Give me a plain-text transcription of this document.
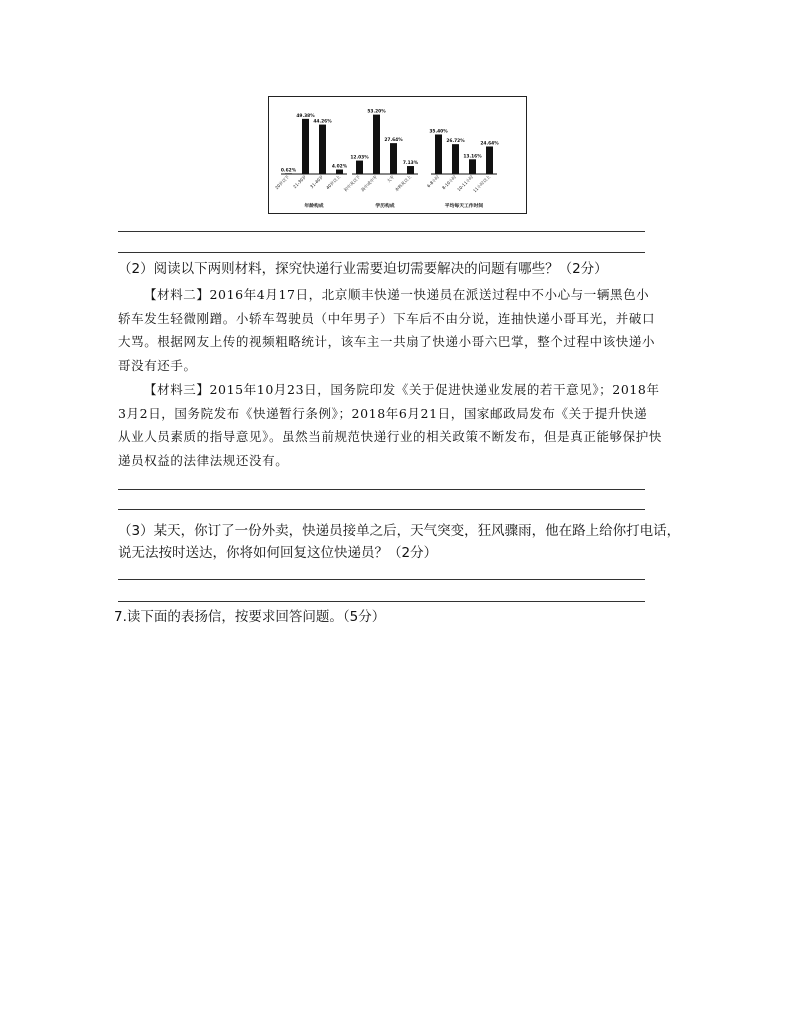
0.62%
20岁以下
49.38%
21-30岁
44.26%
31-40岁
4.02%
40岁以上
年龄构成
12.03%
初中及以下
53.20%
高中或中专
27.64%
大专
7.13%
本科及以上
学历构成
35.40%
6-8小时
26.72%
8-10小时
13.16%
10-11小时
24.64%
11小时以上
平均每天工作时间
（2）阅读以下两则材料，探究快递行业需要迫切需要解决的问题有哪些？（2分）
【材料二】2016年4月17日，北京顺丰快递一快递员在派送过程中不小心与一辆黑色小
轿车发生轻微刚蹭。小轿车驾驶员（中年男子）下车后不由分说，连抽快递小哥耳光，并破口
大骂。根据网友上传的视频粗略统计，该车主一共扇了快递小哥六巴掌，整个过程中该快递小
哥没有还手。
【材料三】2015年10月23日，国务院印发《关于促进快递业发展的若干意见》；2018年
3月2日，国务院发布《快递暂行条例》；2018年6月21日，国家邮政局发布《关于提升快递
从业人员素质的指导意见》。虽然当前规范快递行业的相关政策不断发布，但是真正能够保护快
递员权益的法律法规还没有。
（3）某天，你订了一份外卖，快递员接单之后，天气突变，狂风骤雨，他在路上给你打电话，
说无法按时送达，你将如何回复这位快递员？（2分）
7.读下面的表扬信，按要求回答问题。（5分）
